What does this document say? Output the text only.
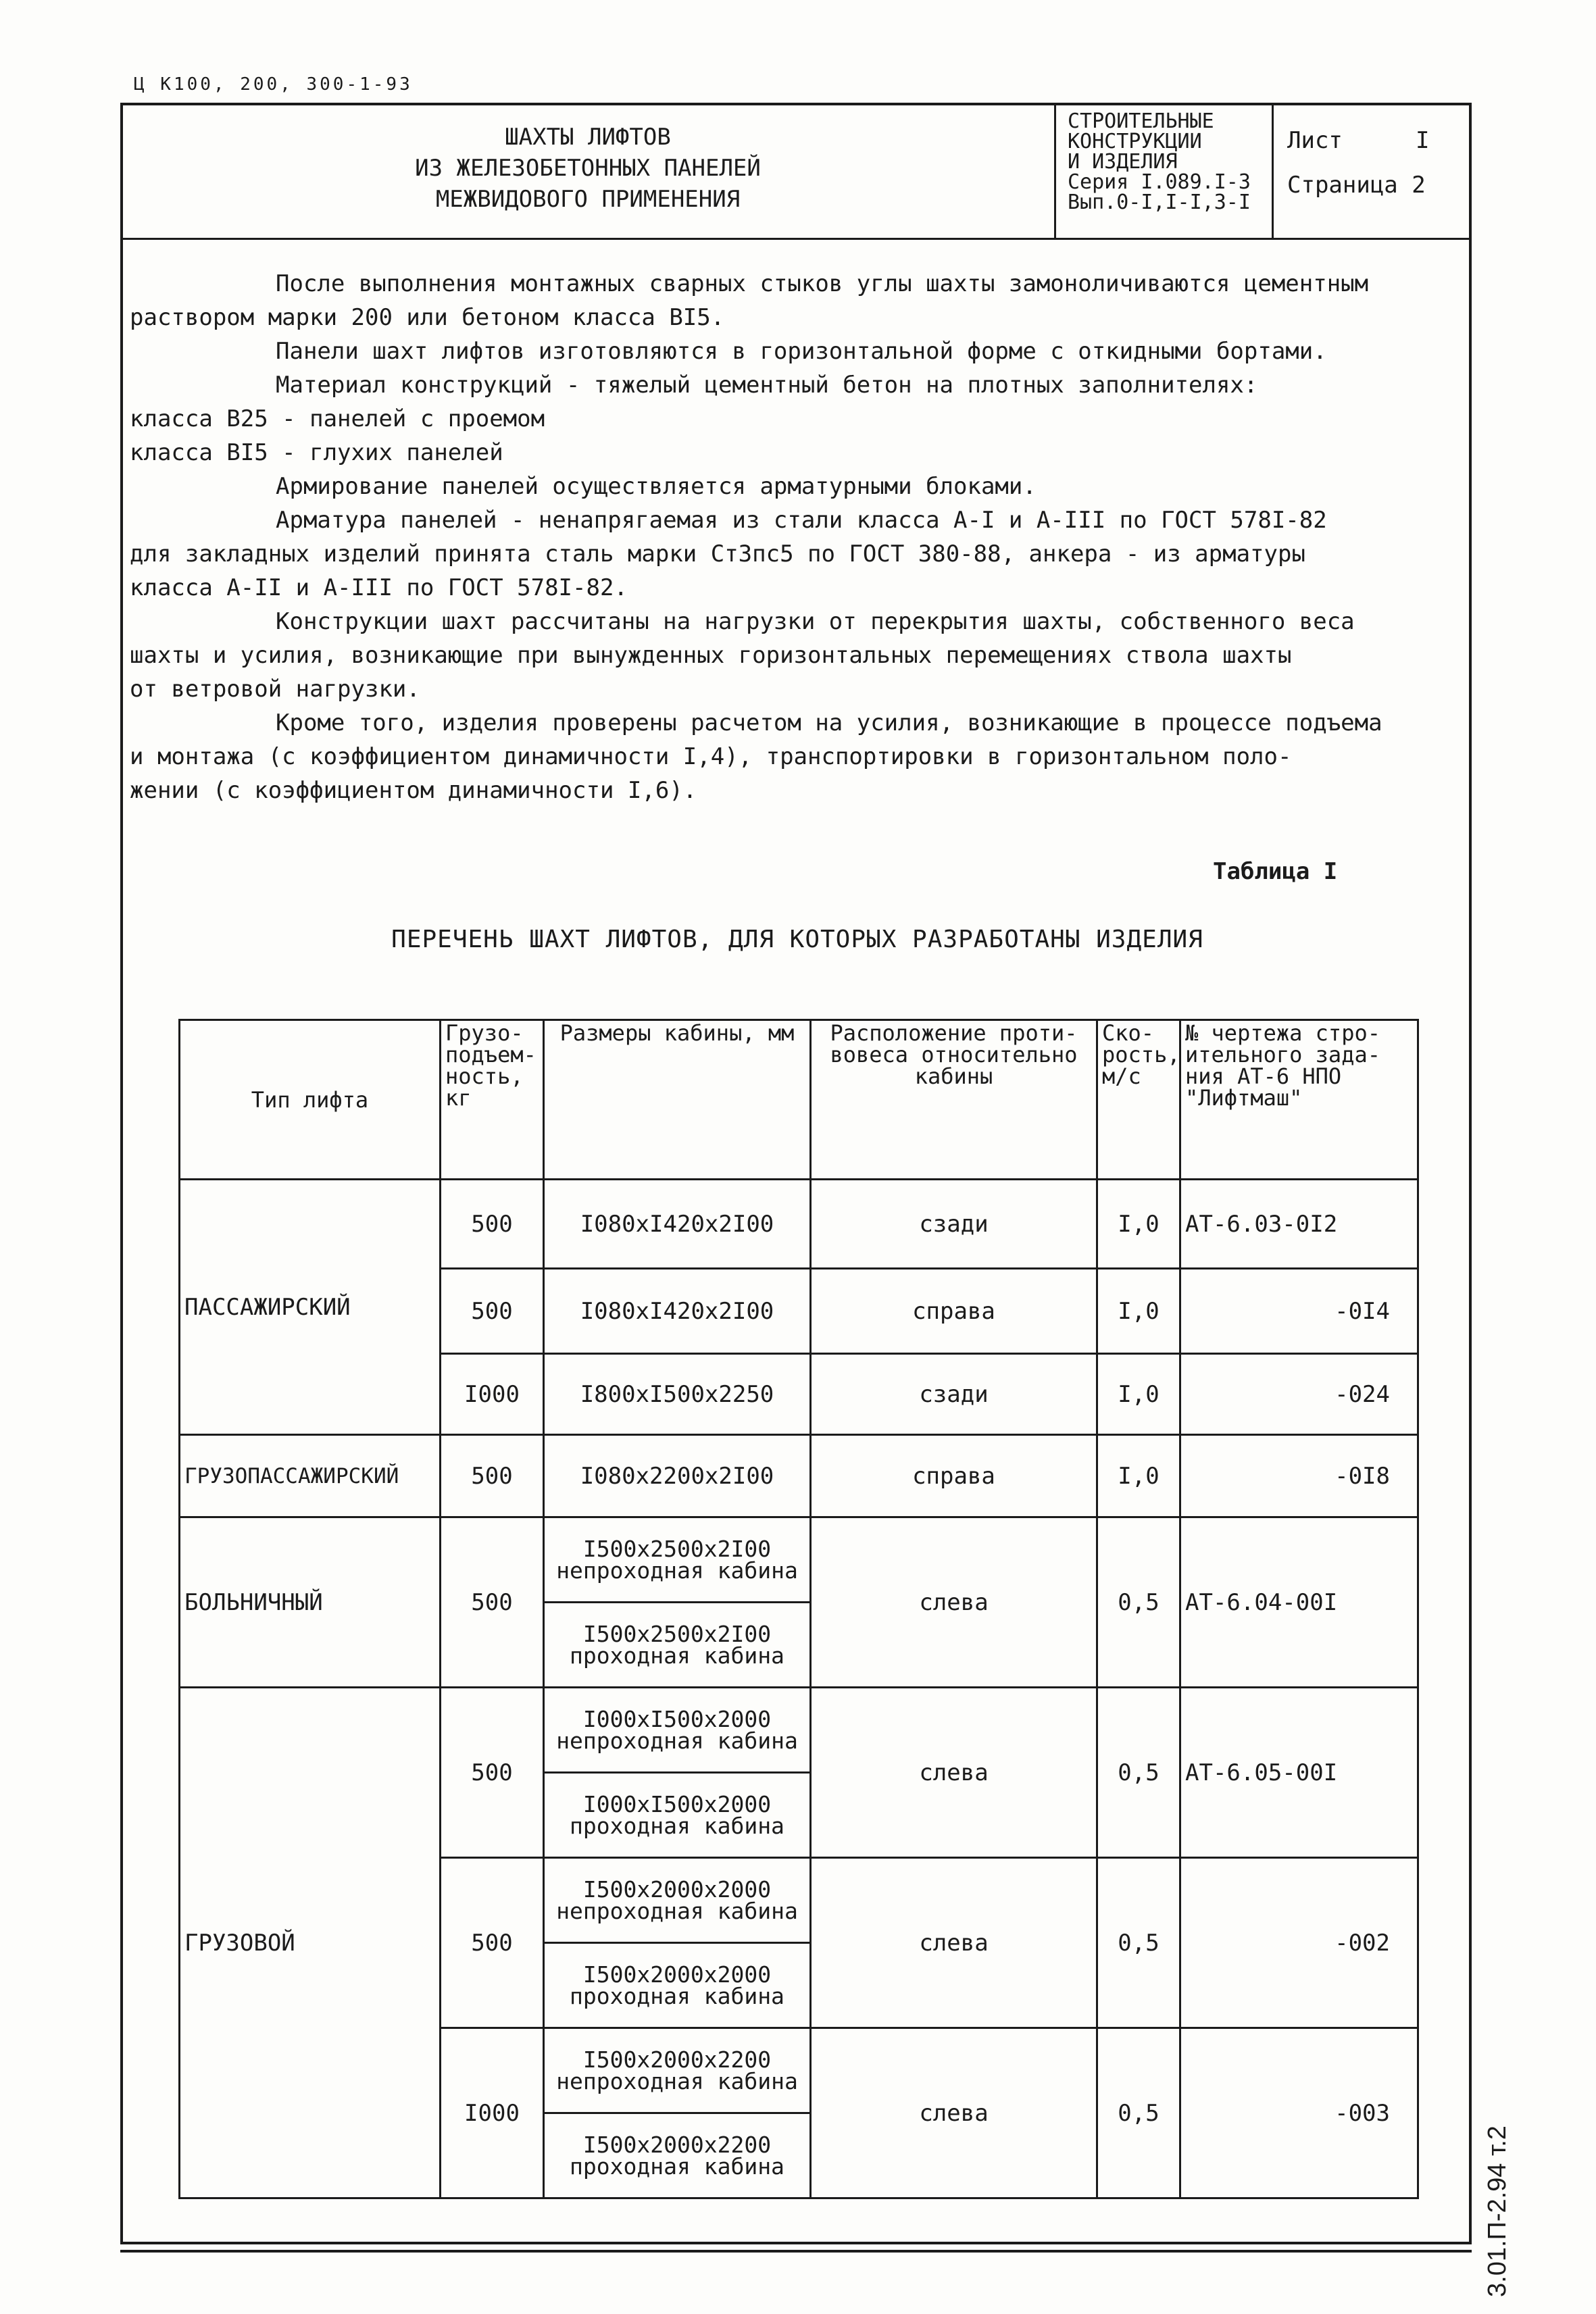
Ц К100, 200, 300-1-93
ШАХТЫ ЛИФТОВ
ИЗ ЖЕЛЕЗОБЕТОННЫХ ПАНЕЛЕЙ
МЕЖВИДОВОГО ПРИМЕНЕНИЯ
СТРОИТЕЛЬНЫЕ
КОНСТРУКЦИИ
И ИЗДЕЛИЯ
Серия I.089.I-3
Вып.0-I,I-I,3-I
Лист	I
Страница 2

После выполнения монтажных сварных стыков углы шахты замоноличиваются цементным

раствором марки 200 или бетоном класса BI5.

Панели шахт лифтов изготовляются в горизонтальной форме с откидными бортами.

Материал конструкций - тяжелый цементный бетон на плотных заполнителях:

класса B25 - панелей с проемом

класса BI5 - глухих панелей

Армирование панелей осуществляется арматурными блоками.

Арматура панелей - ненапрягаемая из стали класса A-I и A-III по ГОСТ 578I-82

для закладных изделий принята сталь марки Ст3пс5 по ГОСТ 380-88, анкера - из арматуры

класса A-II и A-III по ГОСТ 578I-82.

Конструкции шахт рассчитаны на нагрузки от перекрытия шахты, собственного веса

шахты и усилия, возникающие при вынужденных горизонтальных перемещениях ствола шахты

от ветровой нагрузки.

Кроме того, изделия проверены расчетом на усилия, возникающие в процессе подъема

и монтажа (с коэффициентом динамичности I,4), транспортировки в горизонтальном поло-

жении (с коэффициентом динамичности I,6).

Таблица I
ПЕРЕЧЕНЬ ШАХТ ЛИФТОВ, ДЛЯ КОТОРЫХ РАЗРАБОТАНЫ ИЗДЕЛИЯ
Тип лифта	Грузо-подъем-ность, кг	Размеры кабины, мм	Расположение проти-вовеса относительно кабины	Ско-рость, м/с	№ чертежа стро-ительного зада-ния АТ-6 НПО "Лифтмаш"
ПАССАЖИРСКИЙ	500	I080xI420x2I00	сзади	I,0	АТ-6.03-0I2
	500	I080xI420x2I00	справа	I,0	-0I4
	I000	I800xI500x2250	сзади	I,0	-024
ГРУЗОПАССАЖИРСКИЙ	500	I080x2200x2I00	справа	I,0	-0I8
БОЛЬНИЧНЫЙ	500	I500x2500x2I00
непроходная кабина	слева	0,5	АТ-6.04-00I

		I500x2500x2I00
проходная кабина			

ГРУЗОВОЙ	500	I000xI500x2000
непроходная кабина	слева	0,5	АТ-6.05-00I

		I000xI500x2000
проходная кабина			

	500	I500x2000x2000
непроходная кабина	слева	0,5	-002

		I500x2000x2000
проходная кабина			

	I000	I500x2000x2200
непроходная кабина	слева	0,5	-003

		I500x2000x2200
проходная кабина				3.01.П-2.94 т.2
